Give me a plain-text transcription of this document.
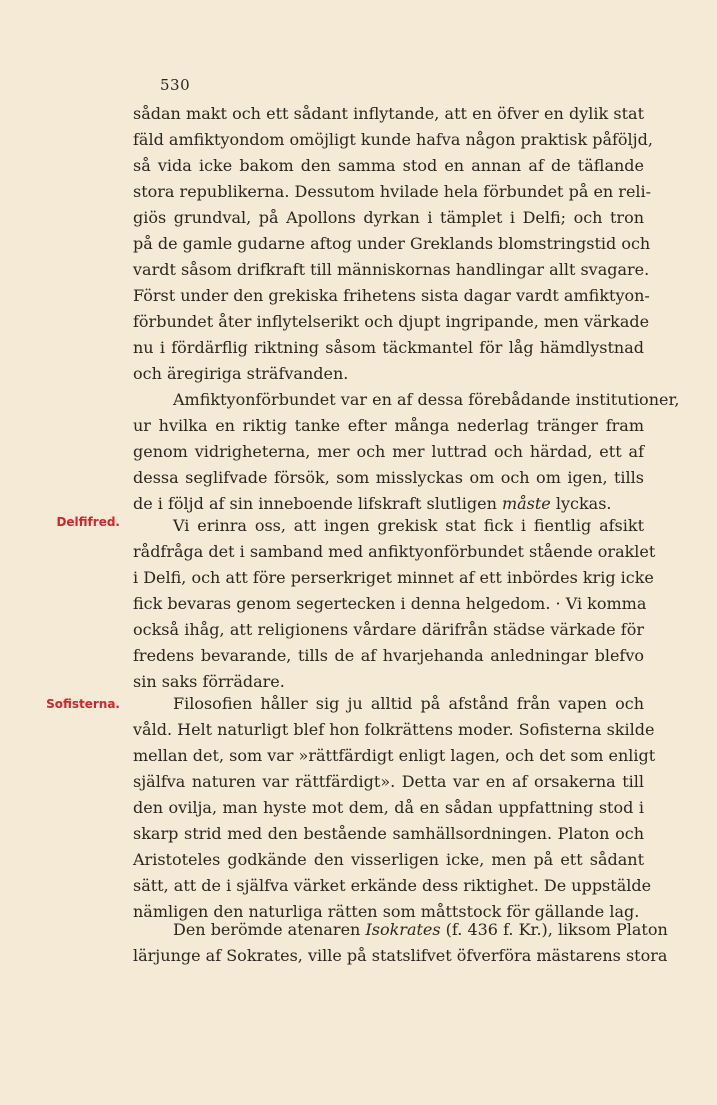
530
Delfifred.
Sofisterna.
sådan makt och ett sådant inflytande, att en öfver en dylik stat
fäld amfiktyondom omöjligt kunde hafva någon praktisk påföljd,
så vida icke bakom den samma stod en annan af de täflande
stora republikerna. Dessutom hvilade hela förbundet på en reli-
giös grundval, på Apollons dyrkan i tämplet i Delfi; och tron
på de gamle gudarne aftog under Greklands blomstringstid och
vardt såsom drifkraft till människornas handlingar allt svagare.
Först under den grekiska frihetens sista dagar vardt amfiktyon-
förbundet åter inflytelserikt och djupt ingripande, men värkade
nu i fördärflig riktning såsom täckmantel för låg hämdlystnad
och äregiriga sträfvanden.
Amfiktyonförbundet var en af dessa förebådande institutioner,
ur hvilka en riktig tanke efter många nederlag tränger fram
genom vidrigheterna, mer och mer luttrad och härdad, ett af
dessa seglifvade försök, som misslyckas om och om igen, tills
de i följd af sin inneboende lifskraft slutligen måste lyckas.
Vi erinra oss, att ingen grekisk stat fick i fientlig afsikt
rådfråga det i samband med anfiktyonförbundet stående oraklet
i Delfi, och att före perserkriget minnet af ett inbördes krig icke
fick bevaras genom segertecken i denna helgedom. · Vi komma
också ihåg, att religionens vårdare därifrån städse värkade för
fredens bevarande, tills de af hvarjehanda anledningar blefvo
sin saks förrädare.
Filosofien håller sig ju alltid på afstånd från vapen och
våld. Helt naturligt blef hon folkrättens moder. Sofisterna skilde
mellan det, som var »rättfärdigt enligt lagen, och det som enligt
själfva naturen var rättfärdigt». Detta var en af orsakerna till
den ovilja, man hyste mot dem, då en sådan uppfattning stod i
skarp strid med den bestående samhällsordningen. Platon och
Aristoteles godkände den visserligen icke, men på ett sådant
sätt, att de i själfva värket erkände dess riktighet. De uppstälde
nämligen den naturliga rätten som måttstock för gällande lag.
Den berömde atenaren Isokrates (f. 436 f. Kr.), liksom Platon
lärjunge af Sokrates, ville på statslifvet öfverföra mästarens stora
